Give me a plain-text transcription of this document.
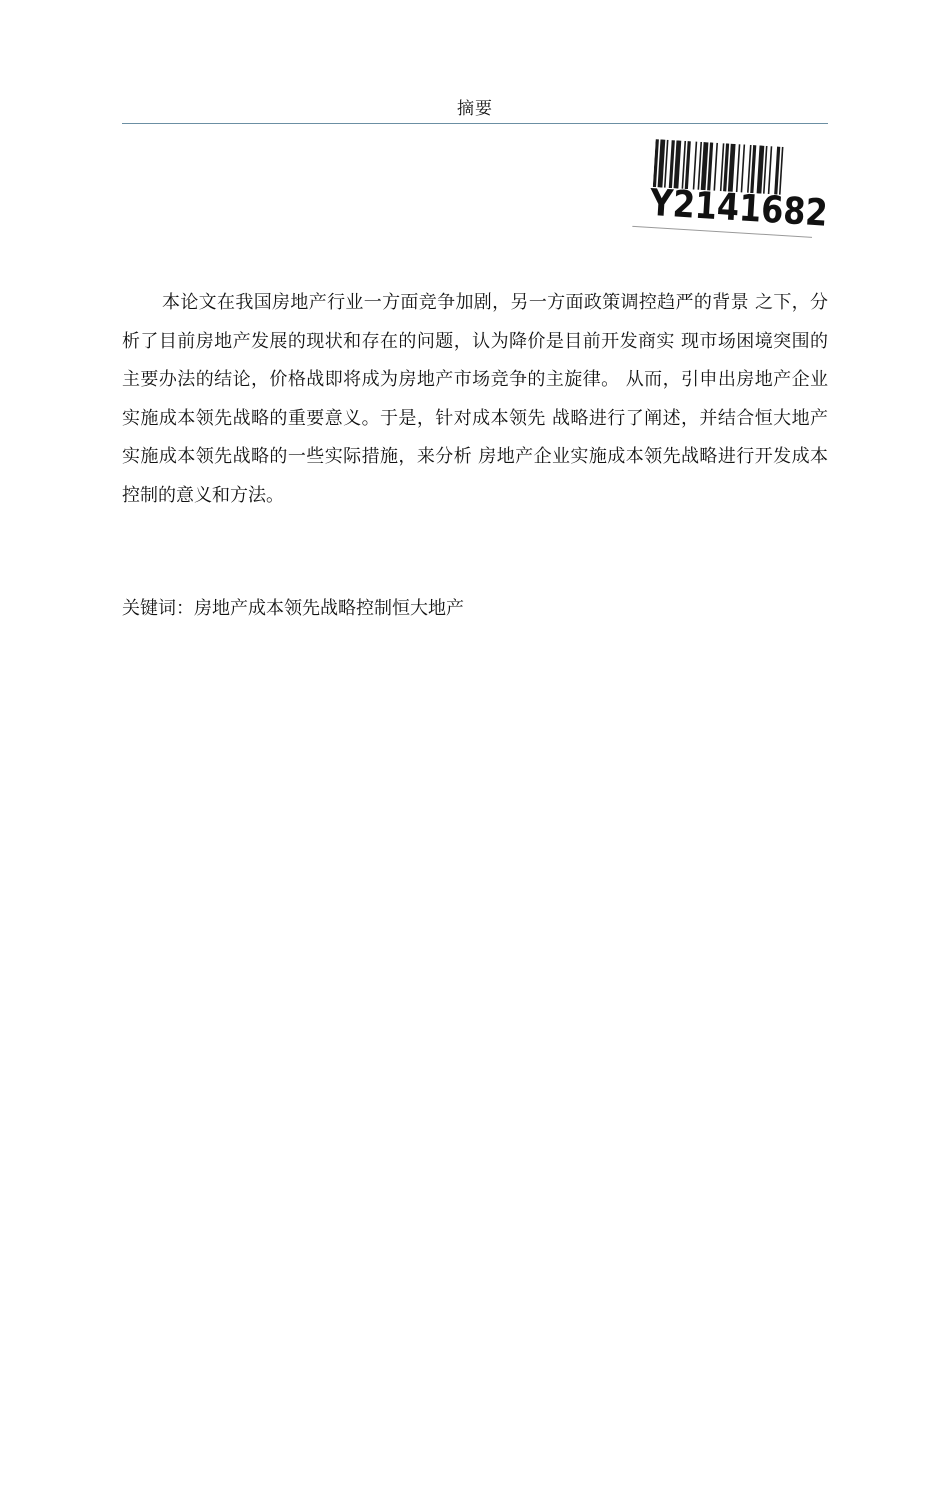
摘要
Y2141682

本论文在我国房地产行业一方面竞争加剧，另一方面政策调控趋严的背景 之下，分析了目前房地产发展的现状和存在的问题，认为降价是目前开发商实 现市场困境突围的主要办法的结论，价格战即将成为房地产市场竞争的主旋律。 从而，引申出房地产企业实施成本领先战略的重要意义。于是，针对成本领先 战略进行了阐述，并结合恒大地产实施成本领先战略的一些实际措施，来分析 房地产企业实施成本领先战略进行开发成本控制的意义和方法。

关键词：房地产成本领先战略控制恒大地产
